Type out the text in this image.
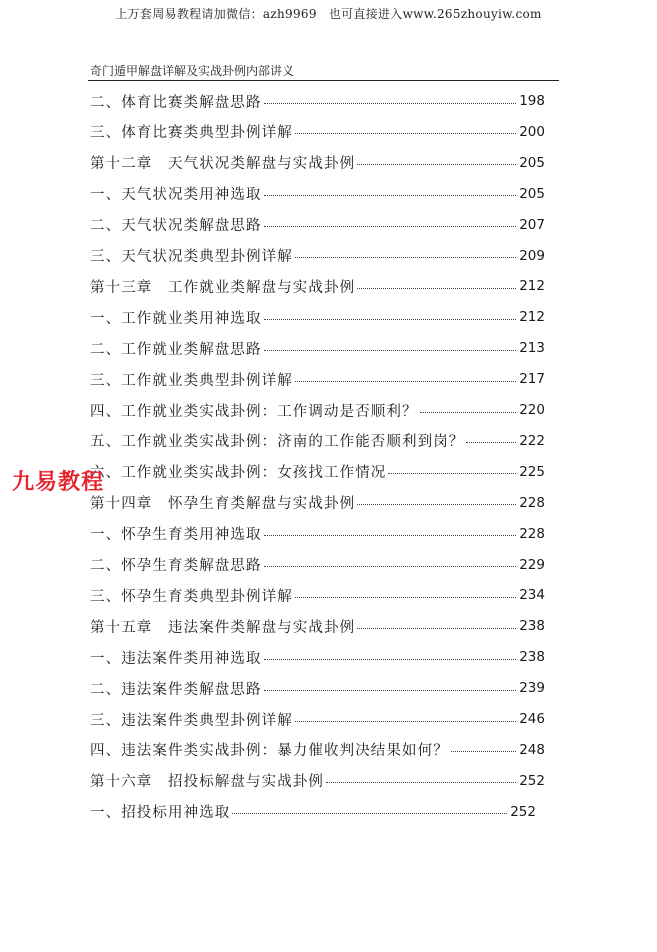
上万套周易教程请加微信：azh9969 也可直接进入www.265zhouyiw.com
奇门遁甲解盘详解及实战卦例内部讲义
二、体育比赛类解盘思路	198
三、体育比赛类典型卦例详解	200
第十二章　天气状况类解盘与实战卦例	205
一、天气状况类用神选取	205
二、天气状况类解盘思路	207
三、天气状况类典型卦例详解	209
第十三章　工作就业类解盘与实战卦例	212
一、工作就业类用神选取	212
二、工作就业类解盘思路	213
三、工作就业类典型卦例详解	217
四、工作就业类实战卦例：工作调动是否顺利？	220
五、工作就业类实战卦例：济南的工作能否顺利到岗？	222
六、工作就业类实战卦例：女孩找工作情况	225
第十四章　怀孕生育类解盘与实战卦例	228
一、怀孕生育类用神选取	228
二、怀孕生育类解盘思路	229
三、怀孕生育类典型卦例详解	234
第十五章　违法案件类解盘与实战卦例	238
一、违法案件类用神选取	238
二、违法案件类解盘思路	239
三、违法案件类典型卦例详解	246
四、违法案件类实战卦例：暴力催收判决结果如何？	248
第十六章　招投标解盘与实战卦例	252
一、招投标用神选取	252
九易教程
